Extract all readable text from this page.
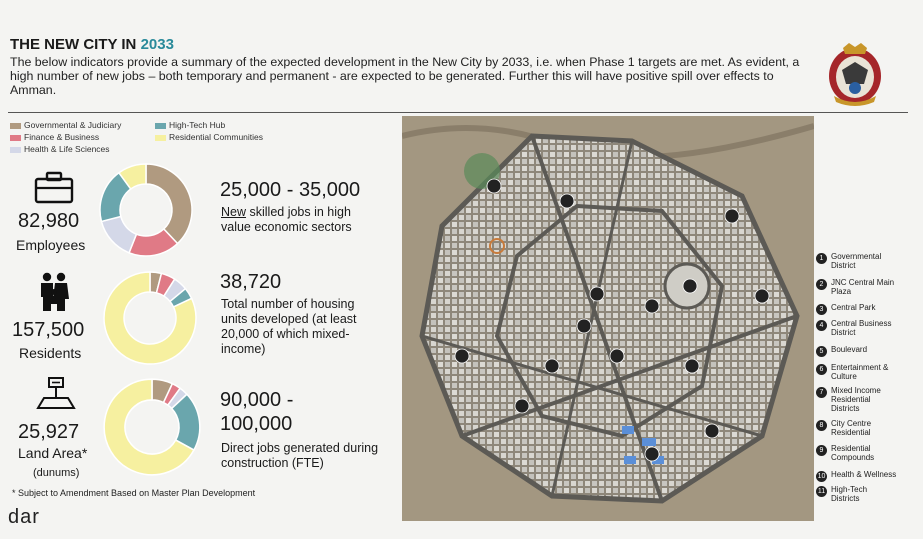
THE NEW CITY IN 2033
The below indicators provide a summary of the expected development in the New City by 2033, i.e. when Phase 1 targets are met. As evident, a high number of new jobs – both temporary and permanent - are expected to be generated. Further this will have positive spill over effects to Amman.
Governmental & Judiciary	High-Tech Hub
Finance & Business	Residential Communities
Health & Life Sciences
82,980
Employees
157,500
Residents
25,927
Land Area*
(dunums)
25,000 - 35,000
New skilled jobs in high value economic sectors
38,720
Total number of housing units developed (at least 20,000 of which mixed-income)
90,000 - 100,000
Direct jobs generated during construction (FTE)
* Subject to Amendment Based on Master Plan Development
dar
1 Governmental District
2 JNC Central Main Plaza
3 Central Park
4 Central Business District
5 Boulevard
6 Entertainment & Culture
7 Mixed Income Residential Districts
8 City Centre Residential
9 Residential Compounds
10 Health & Wellness
11 High-Tech Districts
